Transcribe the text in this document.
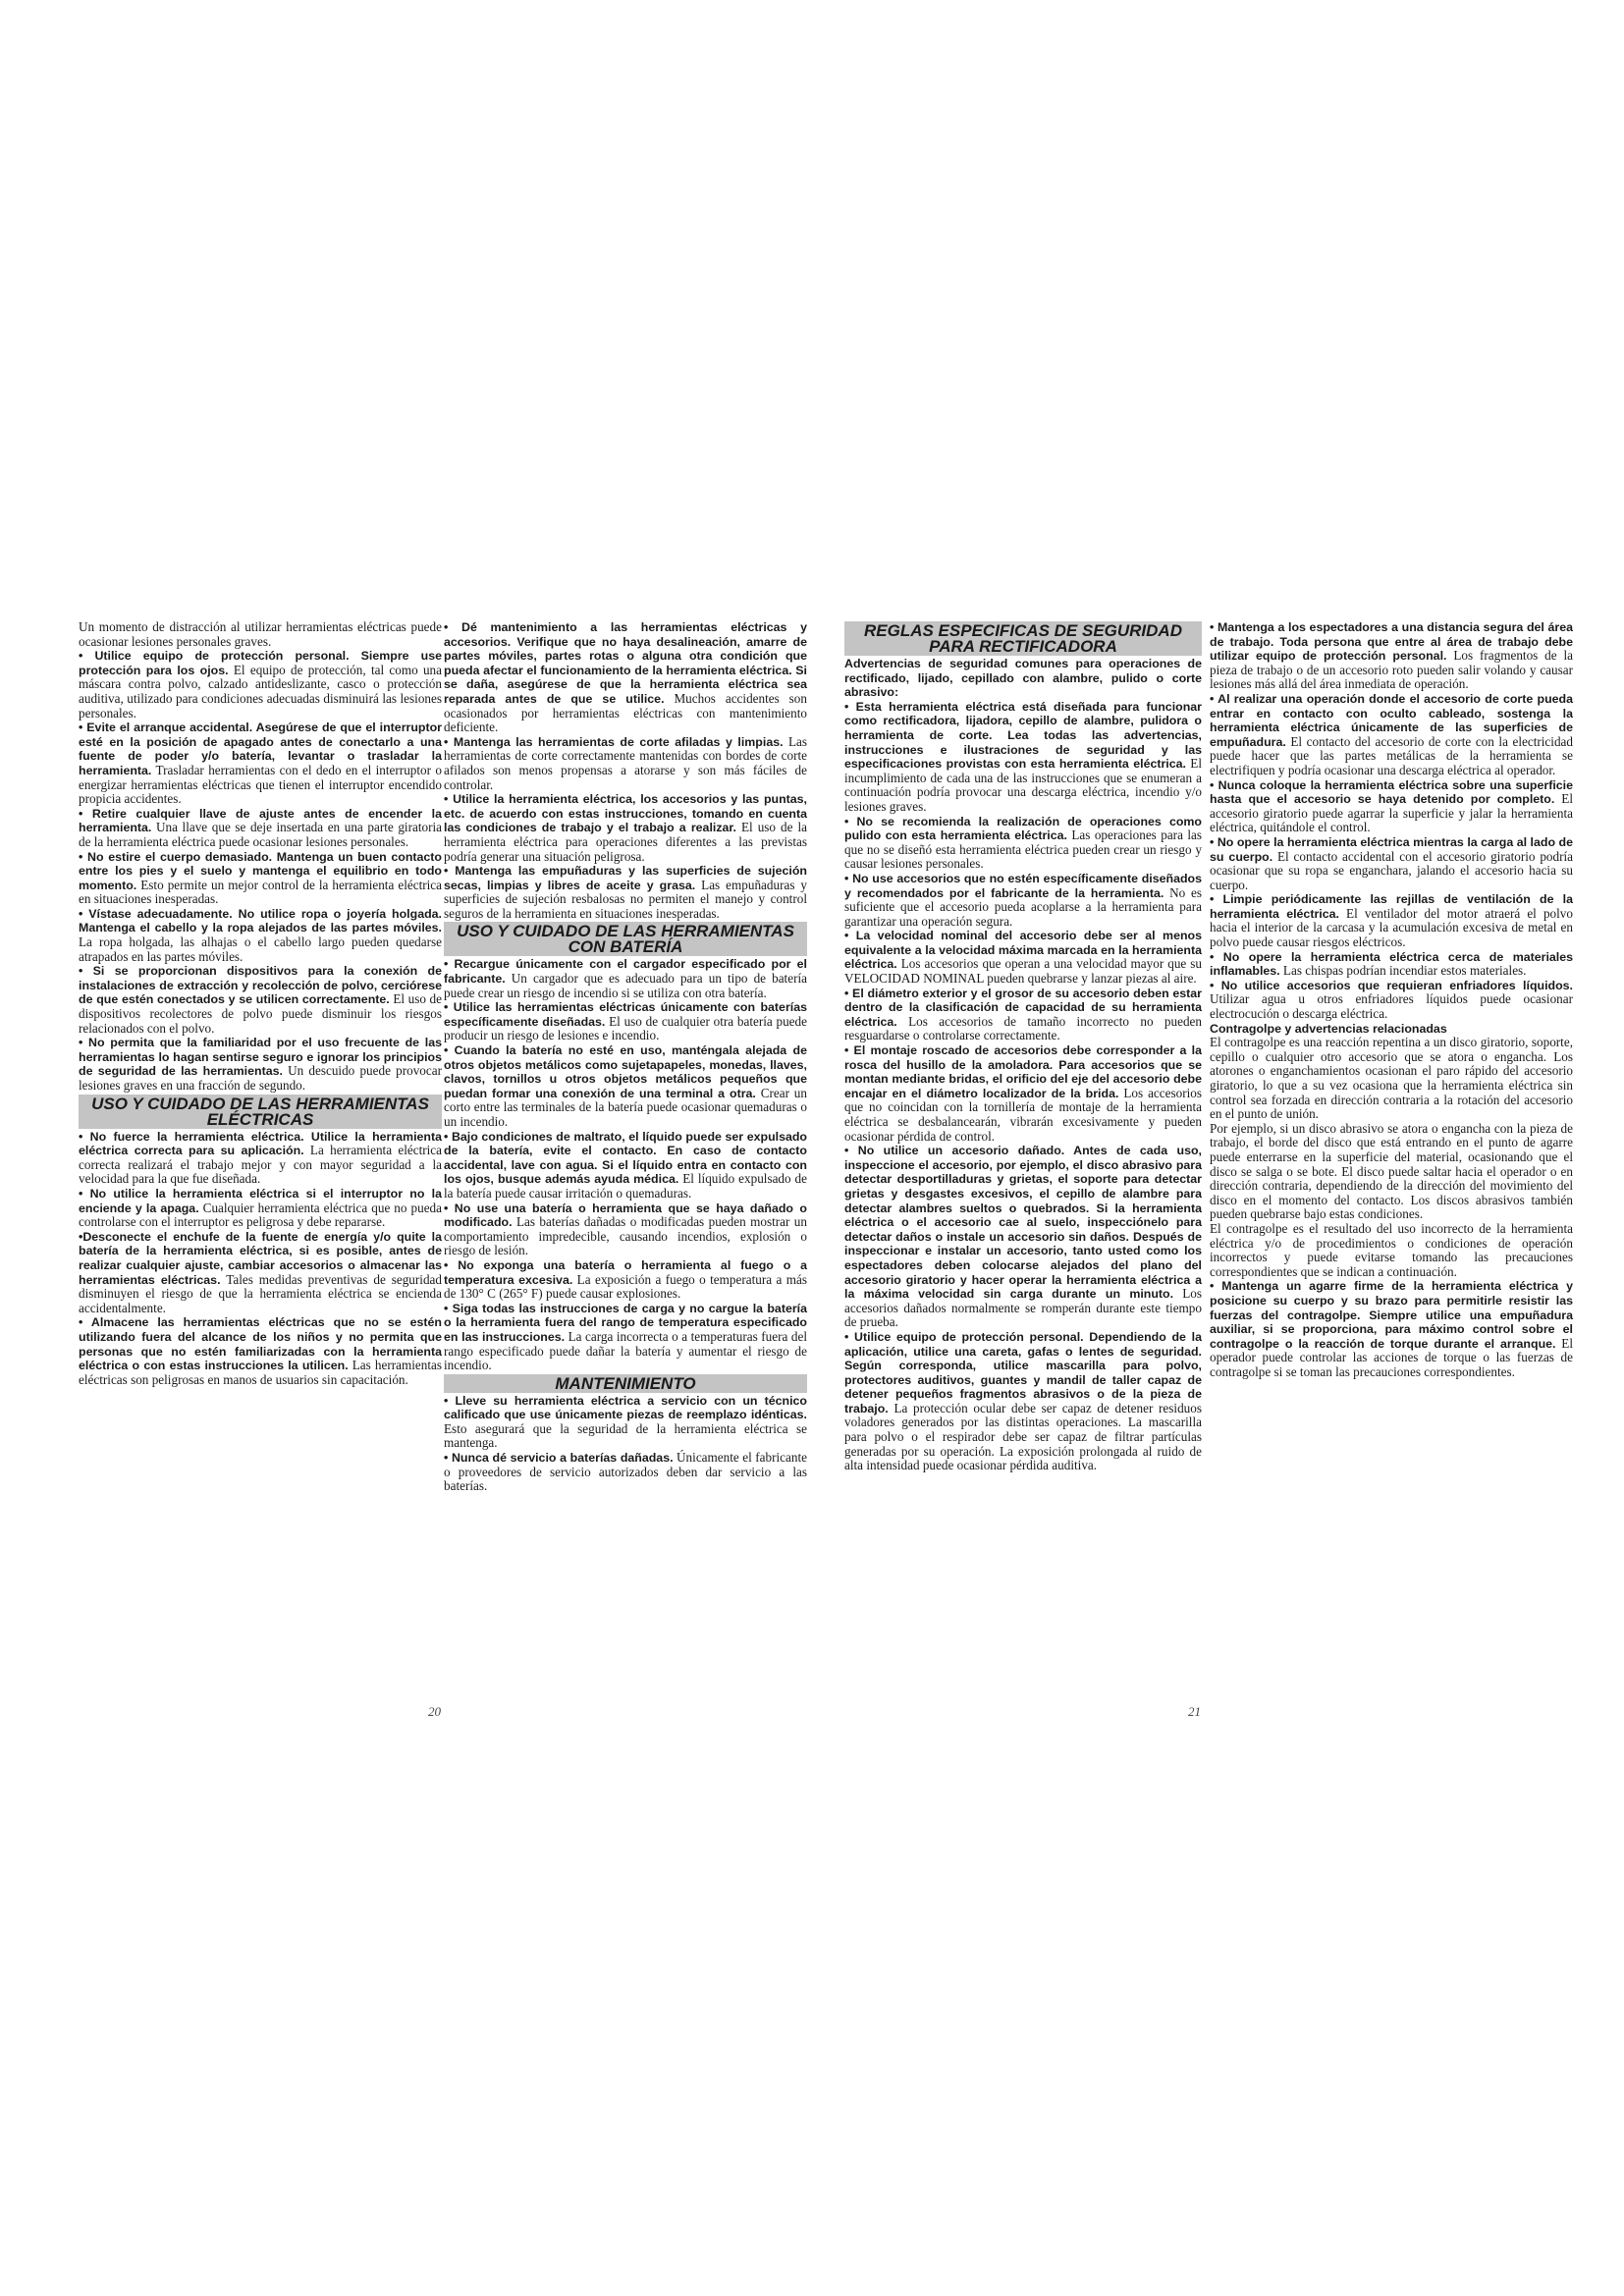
Un momento de distracción al utilizar herramientas eléctricas puede ocasionar lesiones personales graves.

• Utilice equipo de protección personal. Siempre use protección para los ojos. El equipo de protección, tal como una máscara contra polvo, calzado antideslizante, casco o protección auditiva, utilizado para condiciones adecuadas disminuirá las lesiones personales.

• Evite el arranque accidental. Asegúrese de que el interruptor esté en la posición de apagado antes de conectarlo a una fuente de poder y/o batería, levantar o trasladar la herramienta. Trasladar herramientas con el dedo en el interruptor o energizar herramientas eléctricas que tienen el interruptor encendido propicia accidentes.

• Retire cualquier llave de ajuste antes de encender la herramienta. Una llave que se deje insertada en una parte giratoria de la herramienta eléctrica puede ocasionar lesiones personales.

• No estire el cuerpo demasiado. Mantenga un buen contacto entre los pies y el suelo y mantenga el equilibrio en todo momento. Esto permite un mejor control de la herramienta eléctrica en situaciones inesperadas.

• Vístase adecuadamente. No utilice ropa o joyería holgada. Mantenga el cabello y la ropa alejados de las partes móviles. La ropa holgada, las alhajas o el cabello largo pueden quedarse atrapados en las partes móviles.

• Si se proporcionan dispositivos para la conexión de instalaciones de extracción y recolección de polvo, cerciórese de que estén conectados y se utilicen correctamente. El uso de dispositivos recolectores de polvo puede disminuir los riesgos relacionados con el polvo.

• No permita que la familiaridad por el uso frecuente de las herramientas lo hagan sentirse seguro e ignorar los principios de seguridad de las herramientas. Un descuido puede provocar lesiones graves en una fracción de segundo.

USO Y CUIDADO DE LAS HERRAMIENTAS ELÉCTRICAS

• No fuerce la herramienta eléctrica. Utilice la herramienta eléctrica correcta para su aplicación. La herramienta eléctrica correcta realizará el trabajo mejor y con mayor seguridad a la velocidad para la que fue diseñada.

• No utilice la herramienta eléctrica si el interruptor no la enciende y la apaga. Cualquier herramienta eléctrica que no pueda controlarse con el interruptor es peligrosa y debe repararse.

•Desconecte el enchufe de la fuente de energía y/o quite la batería de la herramienta eléctrica, si es posible, antes de realizar cualquier ajuste, cambiar accesorios o almacenar las herramientas eléctricas. Tales medidas preventivas de seguridad disminuyen el riesgo de que la herramienta eléctrica se encienda accidentalmente.

• Almacene las herramientas eléctricas que no se estén utilizando fuera del alcance de los niños y no permita que personas que no estén familiarizadas con la herramienta eléctrica o con estas instrucciones la utilicen. Las herramientas eléctricas son peligrosas en manos de usuarios sin capacitación.

• Dé mantenimiento a las herramientas eléctricas y accesorios. Verifique que no haya desalineación, amarre de partes móviles, partes rotas o alguna otra condición que pueda afectar el funcionamiento de la herramienta eléctrica. Si se daña, asegúrese de que la herramienta eléctrica sea reparada antes de que se utilice. Muchos accidentes son ocasionados por herramientas eléctricas con mantenimiento deficiente.

• Mantenga las herramientas de corte afiladas y limpias. Las herramientas de corte correctamente mantenidas con bordes de corte afilados son menos propensas a atorarse y son más fáciles de controlar.

• Utilice la herramienta eléctrica, los accesorios y las puntas, etc. de acuerdo con estas instrucciones, tomando en cuenta las condiciones de trabajo y el trabajo a realizar. El uso de la herramienta eléctrica para operaciones diferentes a las previstas podría generar una situación peligrosa.

• Mantenga las empuñaduras y las superficies de sujeción secas, limpias y libres de aceite y grasa. Las empuñaduras y superficies de sujeción resbalosas no permiten el manejo y control seguros de la herramienta en situaciones inesperadas.

USO Y CUIDADO DE LAS HERRAMIENTAS CON BATERÍA

• Recargue únicamente con el cargador especificado por el fabricante. Un cargador que es adecuado para un tipo de batería puede crear un riesgo de incendio si se utiliza con otra batería.

• Utilice las herramientas eléctricas únicamente con baterías específicamente diseñadas. El uso de cualquier otra batería puede producir un riesgo de lesiones e incendio.

• Cuando la batería no esté en uso, manténgala alejada de otros objetos metálicos como sujetapapeles, monedas, llaves, clavos, tornillos u otros objetos metálicos pequeños que puedan formar una conexión de una terminal a otra. Crear un corto entre las terminales de la batería puede ocasionar quemaduras o un incendio.

• Bajo condiciones de maltrato, el líquido puede ser expulsado de la batería, evite el contacto. En caso de contacto accidental, lave con agua. Si el líquido entra en contacto con los ojos, busque además ayuda médica. El líquido expulsado de la batería puede causar irritación o quemaduras.

• No use una batería o herramienta que se haya dañado o modificado. Las baterías dañadas o modificadas pueden mostrar un comportamiento impredecible, causando incendios, explosión o riesgo de lesión.

• No exponga una batería o herramienta al fuego o a temperatura excesiva. La exposición a fuego o temperatura a más de 130° C (265° F) puede causar explosiones.

• Siga todas las instrucciones de carga y no cargue la batería o la herramienta fuera del rango de temperatura especificado en las instrucciones. La carga incorrecta o a temperaturas fuera del rango especificado puede dañar la batería y aumentar el riesgo de incendio.

MANTENIMIENTO

• Lleve su herramienta eléctrica a servicio con un técnico calificado que use únicamente piezas de reemplazo idénticas. Esto asegurará que la seguridad de la herramienta eléctrica se mantenga.

• Nunca dé servicio a baterías dañadas. Únicamente el fabricante o proveedores de servicio autorizados deben dar servicio a las baterías.

20
REGLAS ESPECIFICAS DE SEGURIDAD PARA RECTIFICADORA

Advertencias de seguridad comunes para operaciones de rectificado, lijado, cepillado con alambre, pulido o corte abrasivo:

• Esta herramienta eléctrica está diseñada para funcionar como rectificadora, lijadora, cepillo de alambre, pulidora o herramienta de corte. Lea todas las advertencias, instrucciones e ilustraciones de seguridad y las especificaciones provistas con esta herramienta eléctrica. El incumplimiento de cada una de las instrucciones que se enumeran a continuación podría provocar una descarga eléctrica, incendio y/o lesiones graves.

• No se recomienda la realización de operaciones como pulido con esta herramienta eléctrica. Las operaciones para las que no se diseñó esta herramienta eléctrica pueden crear un riesgo y causar lesiones personales.

• No use accesorios que no estén específicamente diseñados y recomendados por el fabricante de la herramienta. No es suficiente que el accesorio pueda acoplarse a la herramienta para garantizar una operación segura.

• La velocidad nominal del accesorio debe ser al menos equivalente a la velocidad máxima marcada en la herramienta eléctrica. Los accesorios que operan a una velocidad mayor que su VELOCIDAD NOMINAL pueden quebrarse y lanzar piezas al aire.

• El diámetro exterior y el grosor de su accesorio deben estar dentro de la clasificación de capacidad de su herramienta eléctrica. Los accesorios de tamaño incorrecto no pueden resguardarse o controlarse correctamente.

• El montaje roscado de accesorios debe corresponder a la rosca del husillo de la amoladora. Para accesorios que se montan mediante bridas, el orificio del eje del accesorio debe encajar en el diámetro localizador de la brida. Los accesorios que no coincidan con la tornillería de montaje de la herramienta eléctrica se desbalancearán, vibrarán excesivamente y pueden ocasionar pérdida de control.

• No utilice un accesorio dañado. Antes de cada uso, inspeccione el accesorio, por ejemplo, el disco abrasivo para detectar desportilladuras y grietas, el soporte para detectar grietas y desgastes excesivos, el cepillo de alambre para detectar alambres sueltos o quebrados. Si la herramienta eléctrica o el accesorio cae al suelo, inspecciónelo para detectar daños o instale un accesorio sin daños. Después de inspeccionar e instalar un accesorio, tanto usted como los espectadores deben colocarse alejados del plano del accesorio giratorio y hacer operar la herramienta eléctrica a la máxima velocidad sin carga durante un minuto. Los accesorios dañados normalmente se romperán durante este tiempo de prueba.

• Utilice equipo de protección personal. Dependiendo de la aplicación, utilice una careta, gafas o lentes de seguridad. Según corresponda, utilice mascarilla para polvo, protectores auditivos, guantes y mandil de taller capaz de detener pequeños fragmentos abrasivos o de la pieza de trabajo. La protección ocular debe ser capaz de detener residuos voladores generados por las distintas operaciones. La mascarilla para polvo o el respirador debe ser capaz de filtrar partículas generadas por su operación. La exposición prolongada al ruido de alta intensidad puede ocasionar pérdida auditiva.

• Mantenga a los espectadores a una distancia segura del área de trabajo. Toda persona que entre al área de trabajo debe utilizar equipo de protección personal. Los fragmentos de la pieza de trabajo o de un accesorio roto pueden salir volando y causar lesiones más allá del área inmediata de operación.

• Al realizar una operación donde el accesorio de corte pueda entrar en contacto con oculto cableado, sostenga la herramienta eléctrica únicamente de las superficies de empuñadura. El contacto del accesorio de corte con la electricidad puede hacer que las partes metálicas de la herramienta se electrifiquen y podría ocasionar una descarga eléctrica al operador.

• Nunca coloque la herramienta eléctrica sobre una superficie hasta que el accesorio se haya detenido por completo. El accesorio giratorio puede agarrar la superficie y jalar la herramienta eléctrica, quitándole el control.

• No opere la herramienta eléctrica mientras la carga al lado de su cuerpo. El contacto accidental con el accesorio giratorio podría ocasionar que su ropa se enganchara, jalando el accesorio hacia su cuerpo.

• Limpie periódicamente las rejillas de ventilación de la herramienta eléctrica. El ventilador del motor atraerá el polvo hacia el interior de la carcasa y la acumulación excesiva de metal en polvo puede causar riesgos eléctricos.

• No opere la herramienta eléctrica cerca de materiales inflamables. Las chispas podrían incendiar estos materiales.

• No utilice accesorios que requieran enfriadores líquidos. Utilizar agua u otros enfriadores líquidos puede ocasionar electrocución o descarga eléctrica.

Contragolpe y advertencias relacionadas

El contragolpe es una reacción repentina a un disco giratorio, soporte, cepillo o cualquier otro accesorio que se atora o engancha. Los atorones o enganchamientos ocasionan el paro rápido del accesorio giratorio, lo que a su vez ocasiona que la herramienta eléctrica sin control sea forzada en dirección contraria a la rotación del accesorio en el punto de unión.

Por ejemplo, si un disco abrasivo se atora o engancha con la pieza de trabajo, el borde del disco que está entrando en el punto de agarre puede enterrarse en la superficie del material, ocasionando que el disco se salga o se bote. El disco puede saltar hacia el operador o en dirección contraria, dependiendo de la dirección del movimiento del disco en el momento del contacto. Los discos abrasivos también pueden quebrarse bajo estas condiciones.

El contragolpe es el resultado del uso incorrecto de la herramienta eléctrica y/o de procedimientos o condiciones de operación incorrectos y puede evitarse tomando las precauciones correspondientes que se indican a continuación.

• Mantenga un agarre firme de la herramienta eléctrica y posicione su cuerpo y su brazo para permitirle resistir las fuerzas del contragolpe. Siempre utilice una empuñadura auxiliar, si se proporciona, para máximo control sobre el contragolpe o la reacción de torque durante el arranque. El operador puede controlar las acciones de torque o las fuerzas de contragolpe si se toman las precauciones correspondientes.

21
